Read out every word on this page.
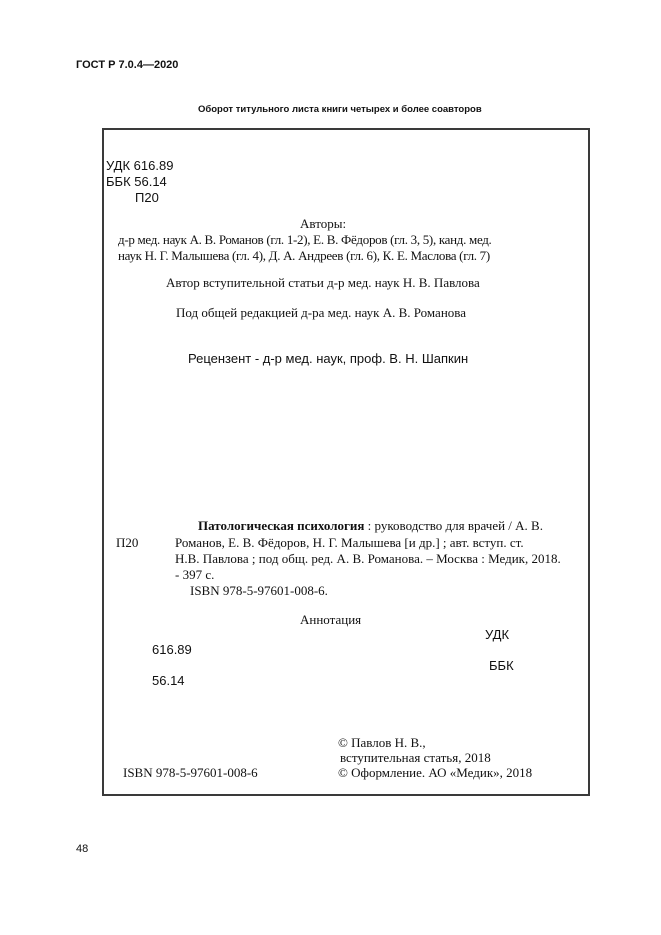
ГОСТ Р 7.0.4—2020
Оборот титульного листа книги четырех и более соавторов
УДК 616.89
ББК 56.14
П20
Авторы:
д-р мед. наук А. В. Романов (гл. 1-2), Е. В. Фёдоров (гл. 3, 5), канд. мед.
наук Н. Г. Малышева (гл. 4), Д. А. Андреев (гл. 6), К. Е. Маслова (гл. 7)
Автор вступительной статьи д-р мед. наук Н. В. Павлова
Под общей редакцией д-ра мед. наук А. В. Романова
Рецензент - д-р мед. наук, проф. В. Н. Шапкин
Патологическая психология : руководство для врачей / А. В.
П20	Романов, Е. В. Фёдоров, Н. Г. Малышева [и др.] ; авт. вступ. ст.
Н.В. Павлова ; под общ. ред. А. В. Романова. – Москва : Медик, 2018.
- 397 с.
ISBN 978-5-97601-008-6.
Аннотация
УДК
616.89
ББК
56.14
© Павлов Н. В.,
вступительная статья, 2018
ISBN 978-5-97601-008-6	© Оформление. АО «Медик», 2018
48
